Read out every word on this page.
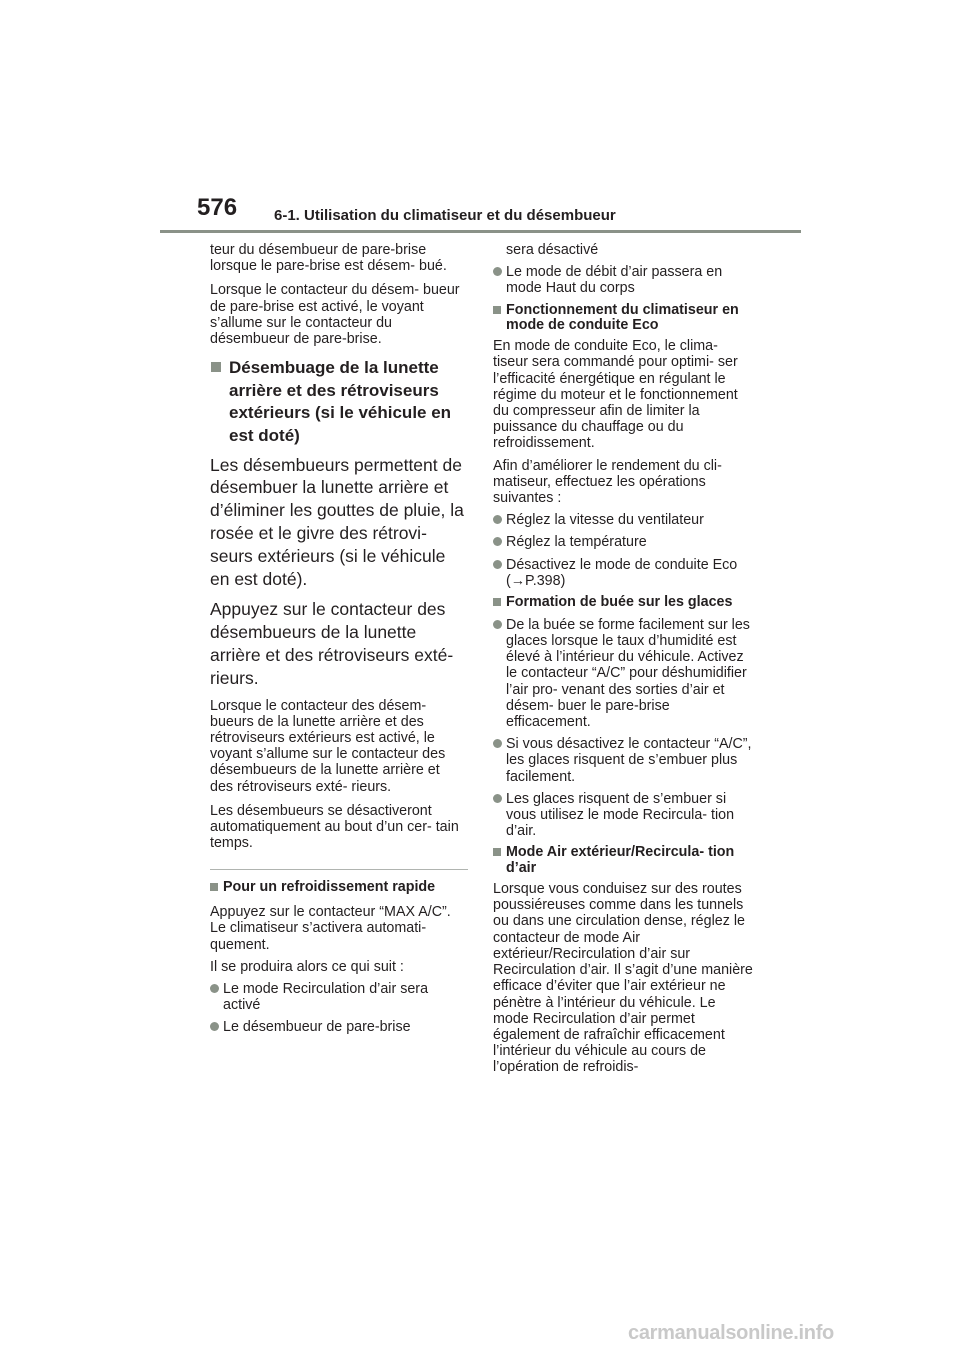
576 6-1. Utilisation du climatiseur et du désembueur

teur du désembueur de pare-brise lorsque le pare-brise est désem- bué.

Lorsque le contacteur du désem- bueur de pare-brise est activé, le voyant s’allume sur le contacteur du désembueur de pare-brise.

Désembuage de la lunette arrière et des rétroviseurs extérieurs (si le véhicule en est doté)

Les désembueurs permettent de désembuer la lunette arrière et d’éliminer les gouttes de pluie, la rosée et le givre des rétrovi- seurs extérieurs (si le véhicule en est doté).

Appuyez sur le contacteur des désembueurs de la lunette arrière et des rétroviseurs exté- rieurs.

Lorsque le contacteur des désem- bueurs de la lunette arrière et des rétroviseurs extérieurs est activé, le voyant s’allume sur le contacteur des désembueurs de la lunette arrière et des rétroviseurs exté- rieurs.

Les désembueurs se désactiveront automatiquement au bout d’un cer- tain temps.

Pour un refroidissement rapide

Appuyez sur le contacteur “MAX A/C”.

Le climatiseur s’activera automati- quement.

Il se produira alors ce qui suit :

Le mode Recirculation d’air sera activé
Le désembueur de pare-brise

sera désactivé

Le mode de débit d’air passera en mode Haut du corps
Fonctionnement du climatiseur en mode de conduite Eco

En mode de conduite Eco, le clima- tiseur sera commandé pour optimi- ser l’efficacité énergétique en régulant le régime du moteur et le fonctionnement du compresseur afin de limiter la puissance du chauffage ou du refroidissement.

Afin d’améliorer le rendement du cli- matiseur, effectuez les opérations suivantes :

Réglez la vitesse du ventilateur
Réglez la température
Désactivez le mode de conduite Eco (→P.398)
Formation de buée sur les glaces
De la buée se forme facilement sur les glaces lorsque le taux d’humidité est élevé à l’intérieur du véhicule. Activez le contacteur “A/C” pour déshumidifier l’air pro- venant des sorties d’air et désem- buer le pare-brise efficacement.
Si vous désactivez le contacteur “A/C”, les glaces risquent de s’embuer plus facilement.
Les glaces risquent de s’embuer si vous utilisez le mode Recircula- tion d’air.
Mode Air extérieur/Recircula- tion d’air

Lorsque vous conduisez sur des routes poussiéreuses comme dans les tunnels ou dans une circulation dense, réglez le contacteur de mode Air extérieur/Recirculation d’air sur Recirculation d’air. Il s’agit d’une manière efficace d’éviter que l’air extérieur ne pénètre à l’intérieur du véhicule. Le mode Recirculation d’air permet également de rafraîchir efficacement l’intérieur du véhicule au cours de l’opération de refroidis-

carmanualsonline.info
